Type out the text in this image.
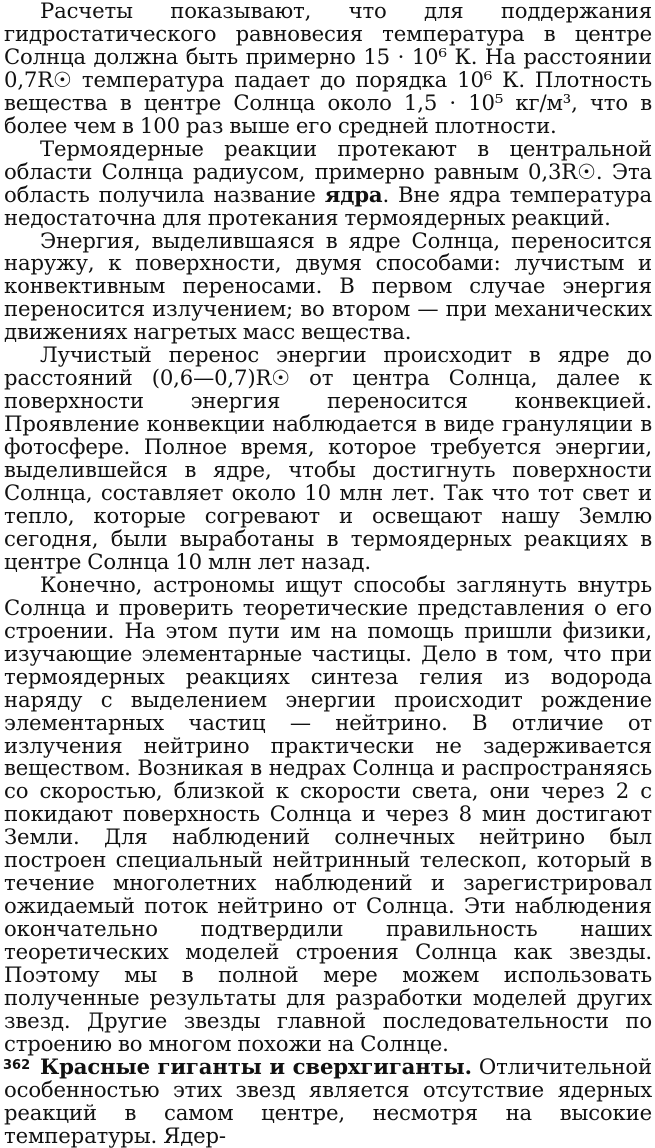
Расчеты показывают, что для поддержания гидростатического равновесия температура в центре Солнца должна быть примерно 15 · 10⁶ К. На расстоянии 0,7R☉ температура падает до порядка 10⁶ К. Плотность вещества в центре Солнца около 1,5 · 10⁵ кг/м³, что в более чем в 100 раз выше его средней плотности.

Термоядерные реакции протекают в центральной области Солнца радиусом, примерно равным 0,3R☉. Эта область получила название ядра. Вне ядра температура недостаточна для протекания термоядерных реакций.

Энергия, выделившаяся в ядре Солнца, переносится наружу, к поверхности, двумя способами: лучистым и конвективным переносами. В первом случае энергия переносится излучением; во втором — при механических движениях нагретых масс вещества.

Лучистый перенос энергии происходит в ядре до расстояний (0,6—0,7)R☉ от центра Солнца, далее к поверхности энергия переносится конвекцией. Проявление конвекции наблюдается в виде грануляции в фотосфере. Полное время, которое требуется энергии, выделившейся в ядре, чтобы достигнуть поверхности Солнца, составляет около 10 млн лет. Так что тот свет и тепло, которые согревают и освещают нашу Землю сегодня, были выработаны в термоядерных реакциях в центре Солнца 10 млн лет назад.

Конечно, астрономы ищут способы заглянуть внутрь Солнца и проверить теоретические представления о его строении. На этом пути им на помощь пришли физики, изучающие элементарные частицы. Дело в том, что при термоядерных реакциях синтеза гелия из водорода наряду с выделением энергии происходит рождение элементарных частиц — нейтрино. В отличие от излучения нейтрино практически не задерживается веществом. Возникая в недрах Солнца и распространяясь со скоростью, близкой к скорости света, они через 2 с покидают поверхность Солнца и через 8 мин достигают Земли. Для наблюдений солнечных нейтрино был построен специальный нейтринный телескоп, который в течение многолетних наблюдений и зарегистрировал ожидаемый поток нейтрино от Солнца. Эти наблюдения окончательно подтвердили правильность наших теоретических моделей строения Солнца как звезды. Поэтому мы в полной мере можем использовать полученные результаты для разработки моделей других звезд. Другие звезды главной последовательности по строению во многом похожи на Солнце.

Красные гиганты и сверхгиганты. Отличительной особенностью этих звезд является отсутствие ядерных реакций в самом центре, несмотря на высокие температуры. Ядер-

362
